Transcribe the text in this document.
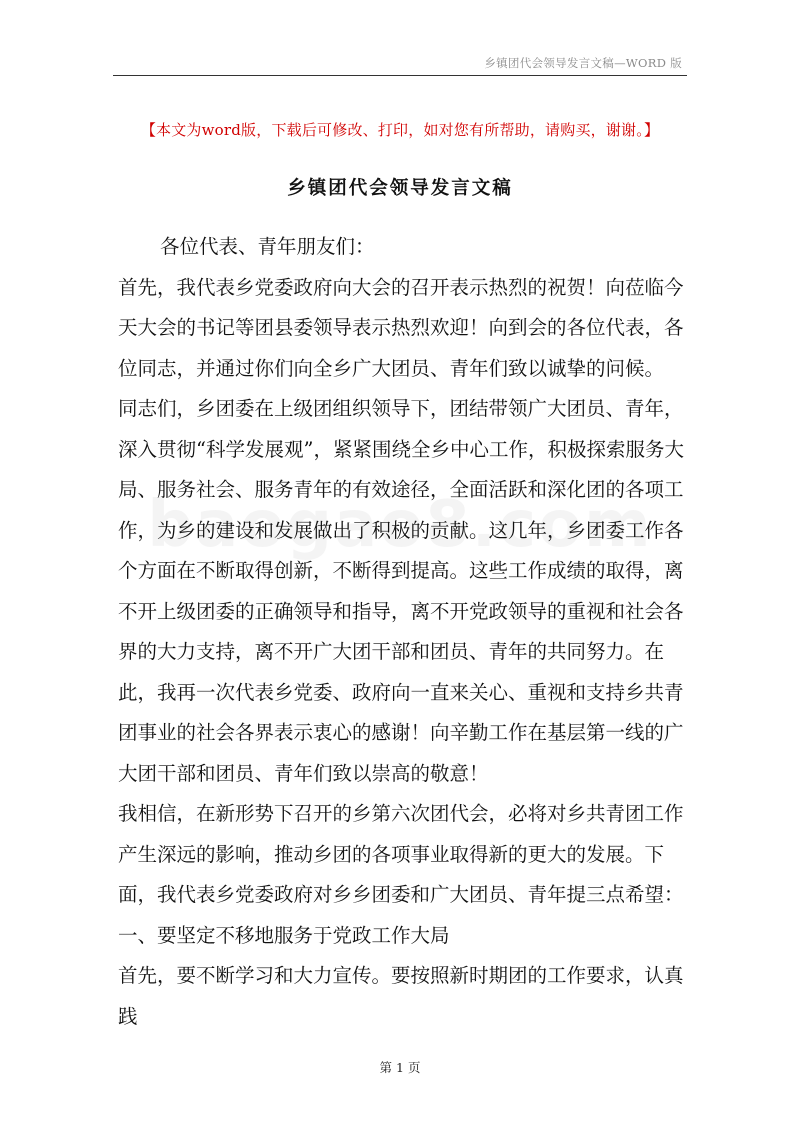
乡镇团代会领导发言文稿—WORD 版
【本文为word版，下载后可修改、打印，如对您有所帮助，请购买，谢谢。】
乡镇团代会领导发言文稿

各位代表、青年朋友们：

首先，我代表乡党委政府向大会的召开表示热烈的祝贺！向莅临今天大会的书记等团县委领导表示热烈欢迎！向到会的各位代表，各位同志，并通过你们向全乡广大团员、青年们致以诚挚的问候。

同志们，乡团委在上级团组织领导下，团结带领广大团员、青年，深入贯彻“科学发展观”，紧紧围绕全乡中心工作，积极探索服务大局、服务社会、服务青年的有效途径，全面活跃和深化团的各项工作，为乡的建设和发展做出了积极的贡献。这几年，乡团委工作各个方面在不断取得创新，不断得到提高。这些工作成绩的取得，离不开上级团委的正确领导和指导，离不开党政领导的重视和社会各界的大力支持，离不开广大团干部和团员、青年的共同努力。在此，我再一次代表乡党委、政府向一直来关心、重视和支持乡共青团事业的社会各界表示衷心的感谢！向辛勤工作在基层第一线的广大团干部和团员、青年们致以崇高的敬意！

我相信，在新形势下召开的乡第六次团代会，必将对乡共青团工作产生深远的影响，推动乡团的各项事业取得新的更大的发展。下面，我代表乡党委政府对乡乡团委和广大团员、青年提三点希望：

一、要坚定不移地服务于党政工作大局

首先，要不断学习和大力宣传。要按照新时期团的工作要求，认真践

第 1 页
